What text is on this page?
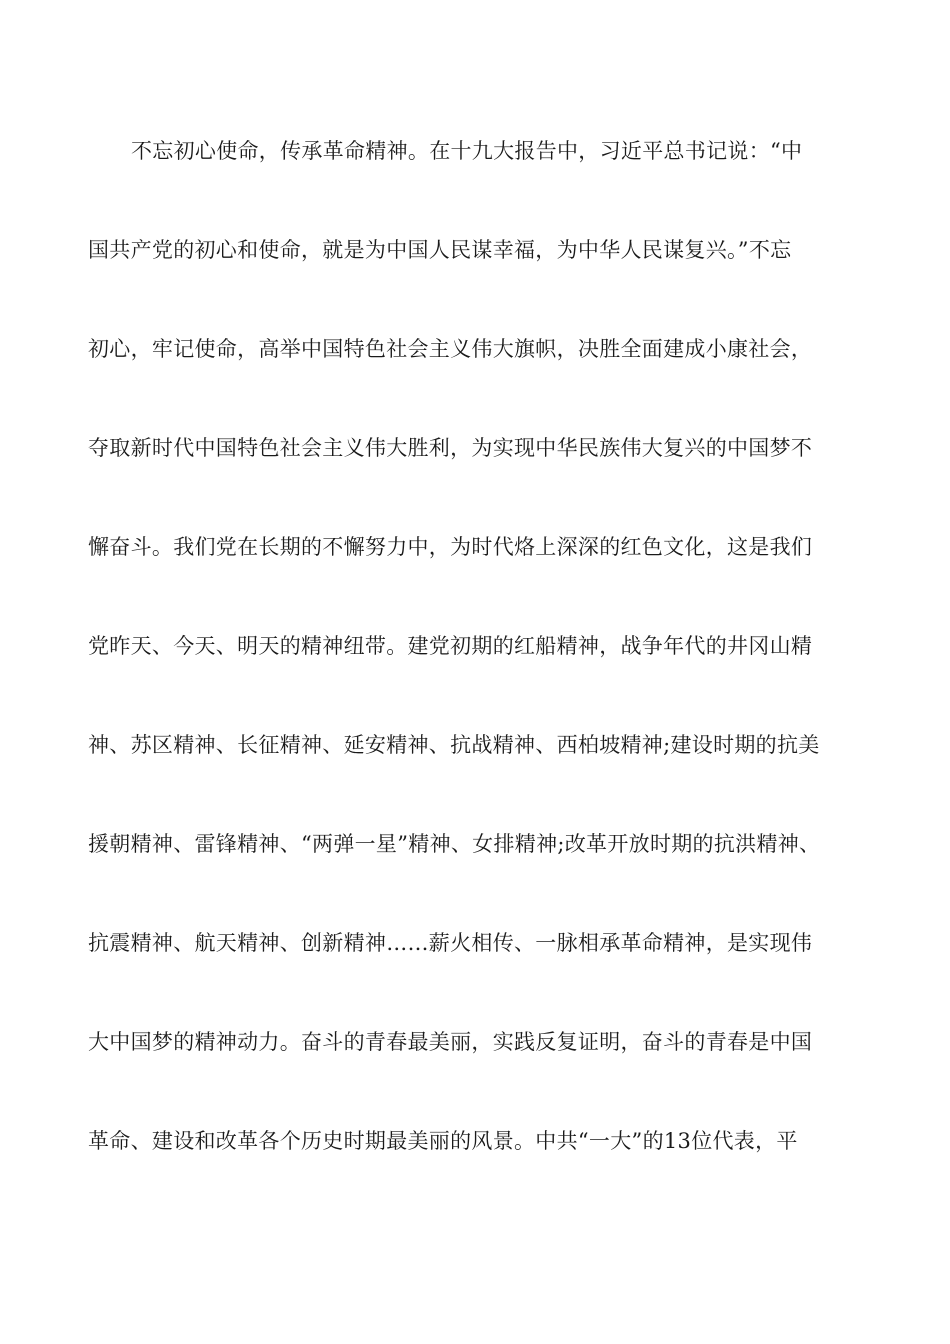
不忘初心使命，传承革命精神。在十九大报告中，习近平总书记说：“中
国共产党的初心和使命，就是为中国人民谋幸福，为中华人民谋复兴。”不忘
初心，牢记使命，高举中国特色社会主义伟大旗帜，决胜全面建成小康社会，
夺取新时代中国特色社会主义伟大胜利，为实现中华民族伟大复兴的中国梦不
懈奋斗。我们党在长期的不懈努力中，为时代烙上深深的红色文化，这是我们
党昨天、今天、明天的精神纽带。建党初期的红船精神，战争年代的井冈山精
神、苏区精神、长征精神、延安精神、抗战精神、西柏坡精神;建设时期的抗美
援朝精神、雷锋精神、“两弹一星”精神、女排精神;改革开放时期的抗洪精神、
抗震精神、航天精神、创新精神……薪火相传、一脉相承革命精神，是实现伟
大中国梦的精神动力。奋斗的青春最美丽，实践反复证明，奋斗的青春是中国
革命、建设和改革各个历史时期最美丽的风景。中共“一大”的13位代表，平
